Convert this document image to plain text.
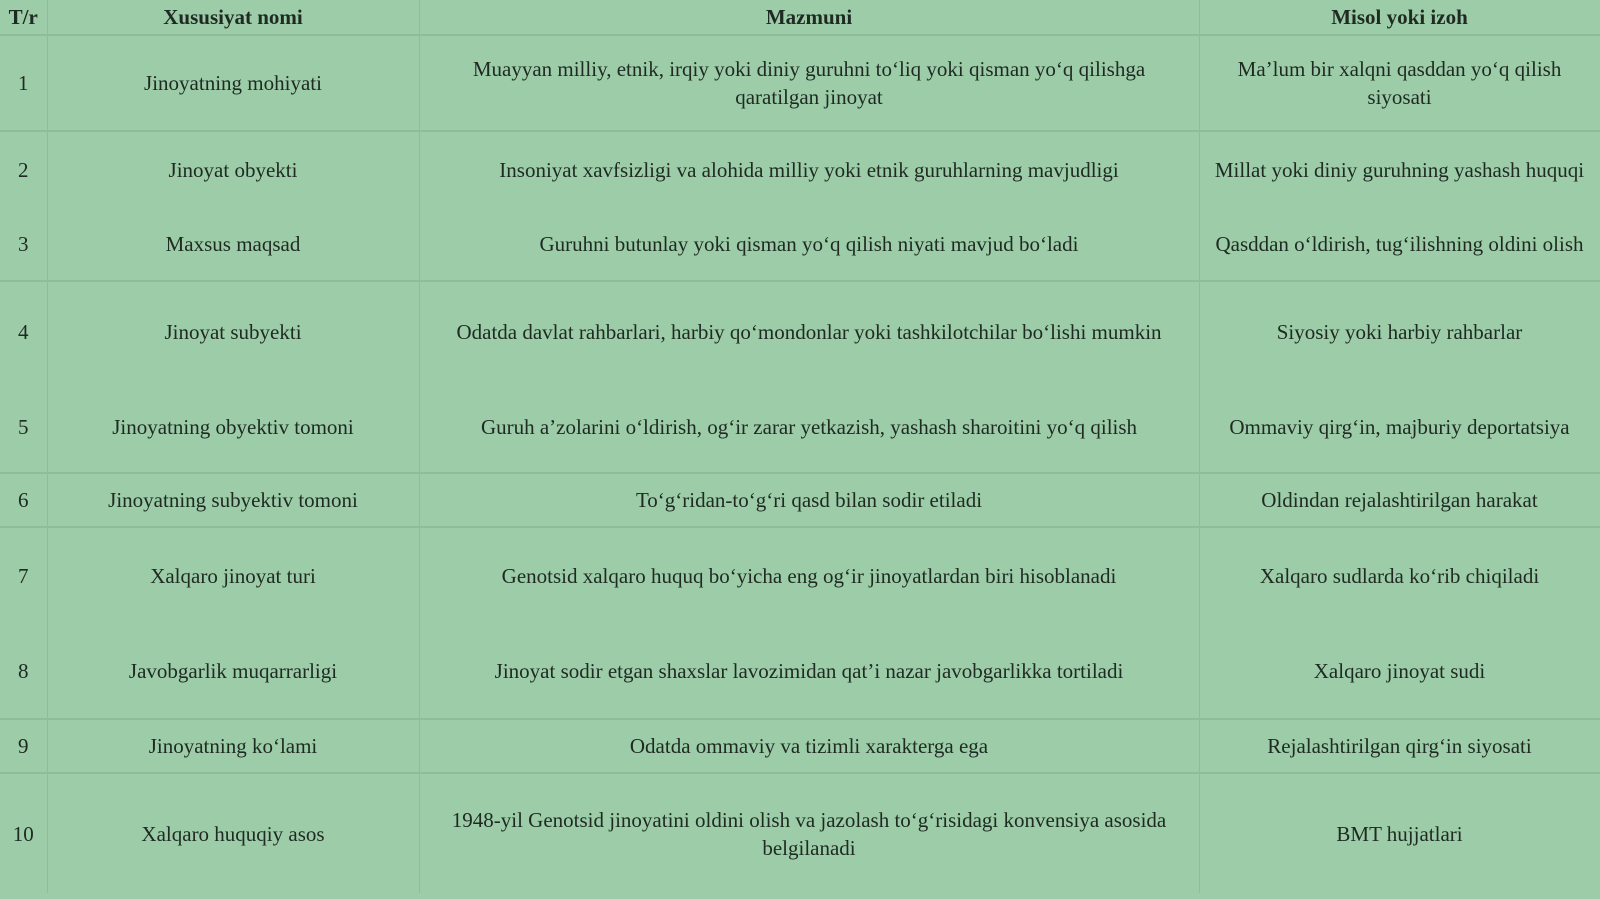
T/r	Xususiyat nomi	Mazmuni	Misol yoki izoh
1	Jinoyatning mohiyati	Muayyan milliy, etnik, irqiy yoki diniy guruhni to‘liq yoki qisman yo‘q qilishga qaratilgan jinoyat	Ma’lum bir xalqni qasddan yo‘q qilish siyosati
2	Jinoyat obyekti	Insoniyat xavfsizligi va alohida milliy yoki etnik guruhlarning mavjudligi	Millat yoki diniy guruhning yashash huquqi
3	Maxsus maqsad	Guruhni butunlay yoki qisman yo‘q qilish niyati mavjud bo‘ladi	Qasddan o‘ldirish, tug‘ilishning oldini olish
4	Jinoyat subyekti	Odatda davlat rahbarlari, harbiy qo‘mondonlar yoki tashkilotchilar bo‘lishi mumkin	Siyosiy yoki harbiy rahbarlar
5	Jinoyatning obyektiv tomoni	Guruh a’zolarini o‘ldirish, og‘ir zarar yetkazish, yashash sharoitini yo‘q qilish	Ommaviy qirg‘in, majburiy deportatsiya
6	Jinoyatning subyektiv tomoni	To‘g‘ridan-to‘g‘ri qasd bilan sodir etiladi	Oldindan rejalashtirilgan harakat
7	Xalqaro jinoyat turi	Genotsid xalqaro huquq bo‘yicha eng og‘ir jinoyatlardan biri hisoblanadi	Xalqaro sudlarda ko‘rib chiqiladi
8	Javobgarlik muqarrarligi	Jinoyat sodir etgan shaxslar lavozimidan qat’i nazar javobgarlikka tortiladi	Xalqaro jinoyat sudi
9	Jinoyatning ko‘lami	Odatda ommaviy va tizimli xarakterga ega	Rejalashtirilgan qirg‘in siyosati
10	Xalqaro huquqiy asos	1948-yil Genotsid jinoyatini oldini olish va jazolash to‘g‘risidagi konvensiya asosida belgilanadi	BMT hujjatlari
